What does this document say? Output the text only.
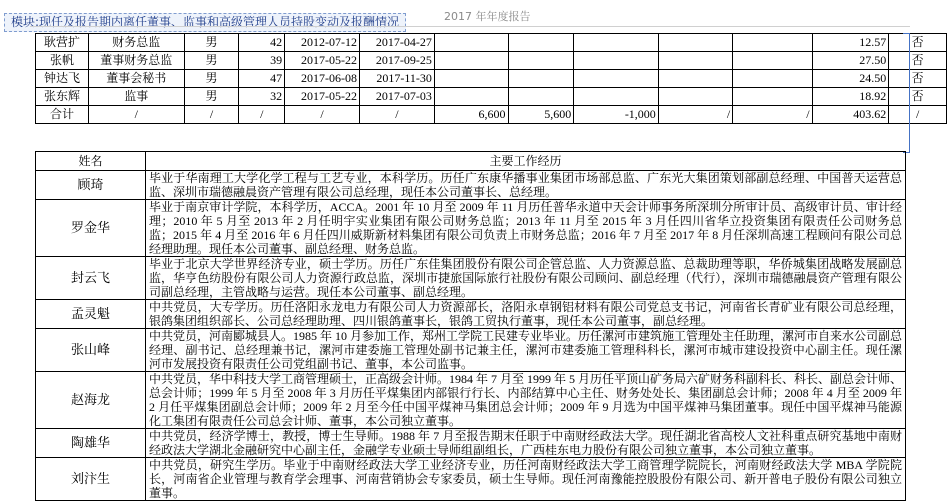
模块:现任及报告期内离任董事、监事和高级管理人员持股变动及报酬情况	2017 年年度报告
耿营扩	财务总监	男	42	2012-07-12	2017-04-27						12.57	否
张帆	董事财务总监	男	39	2017-05-22	2017-09-25						27.50	否
钟达飞	董事会秘书	男	47	2017-06-08	2017-11-30						24.50	否
张东辉	监事	男	32	2017-05-22	2017-07-03						18.92	否
合计	/	/	/	/	/	6,600	5,600	-1,000	/	/	403.62	/
姓名	主要工作经历
顾琦	毕业于华南理工大学化学工程与工艺专业，本科学历。历任广东康华播事业集团市场部总监、广东光大集团策划部副总经理、中国普天运营总监、深圳市瑞德融晨资产管理有限公司总经理，现任本公司董事长、总经理。
罗金华	毕业于南京审计学院，本科学历，ACCA。2001 年 10 月至 2009 年 11 月历任普华永道中天会计师事务所深圳分所审计员、高级审计员、审计经理；2010 年 5 月至 2013 年 2 月任明宇实业集团有限公司财务总监；2013 年 11 月至 2015 年 3 月任四川省华立投资集团有限责任公司财务总监；2015 年 4 月至 2016 年 6 月任四川威斯新材料集团有限公司负责上市财务总监；2016 年 7 月至 2017 年 8 月任深圳高速工程顾问有限公司总经理助理。现任本公司董事、副总经理、财务总监。
封云飞	毕业于北京大学世界经济专业，硕士学历。历任广东佳集团股份有限公司企管总监、人力资源总监、总裁助理等职，华侨城集团战略发展副总监，华亨色纺股份有限公司人力资源行政总监，深圳市捷旅国际旅行社股份有限公司顾问、副总经理（代行），深圳市瑞德融晨资产管理有限公司副总经理，主管战略与运营。现任本公司董事、副总经理。
孟灵魁	中共党员，大专学历。历任洛阳永龙电力有限公司人力资源部长，洛阳永卓钢铝材料有限公司党总支书记，河南省长青矿业有限公司总经理，银鸽集团组织部长、公司总经理助理、四川银鸽董事长，银鸽工贸执行董事，现任本公司董事，副总经理。
张山峰	中共党员，河南郾城县人。1985 年 10 月参加工作，郑州工学院工民建专业毕业。历任漯河市建筑施工管理处主任助理，漯河市自来水公司副总经理、副书记、总经理兼书记，漯河市建委施工管理处副书记兼主任，漯河市建委施工管理科科长，漯河市城市建设投资中心副主任。现任漯河市发展投资有限责任公司党组副书记、董事，本公司监事。
赵海龙	中共党员，华中科技大学工商管理硕士，正高级会计师。1984 年 7 月至 1999 年 5 月历任平顶山矿务局六矿财务科副科长、科长、副总会计师、总会计师；1999 年 5 月至 2008 年 3 月历任平煤集团内部银行行长、内部结算中心主任、财务处处长、集团副总会计师；2008 年 4 月至 2009 年 2 月任平煤集团副总会计师；2009 年 2 月至今任中国平煤神马集团总会计师；2009 年 9 月选为中国平煤神马集团董事。现任中国平煤神马能源化工集团有限责任公司总会计师、董事，本公司独立董事。
陶雄华	中共党员，经济学博士，教授，博士生导师。1988 年 7 月至报告期末任职于中南财经政法大学。现任湖北省高校人文社科重点研究基地中南财经政法大学湖北金融研究中心副主任，金融学专业硕士导师组副组长，广西桂东电力股份有限公司独立董事，本公司独立董事。
刘汴生	中共党员，研究生学历。毕业于中南财经政法大学工业经济专业，历任河南财经政法大学工商管理学院院长，河南财经政法大学 MBA 学院院长，河南省企业管理与教育学会理事、河南营销协会专家委员，硕士生导师。现任河南豫能控股股份有限公司、新开普电子股份有限公司独立董事。
